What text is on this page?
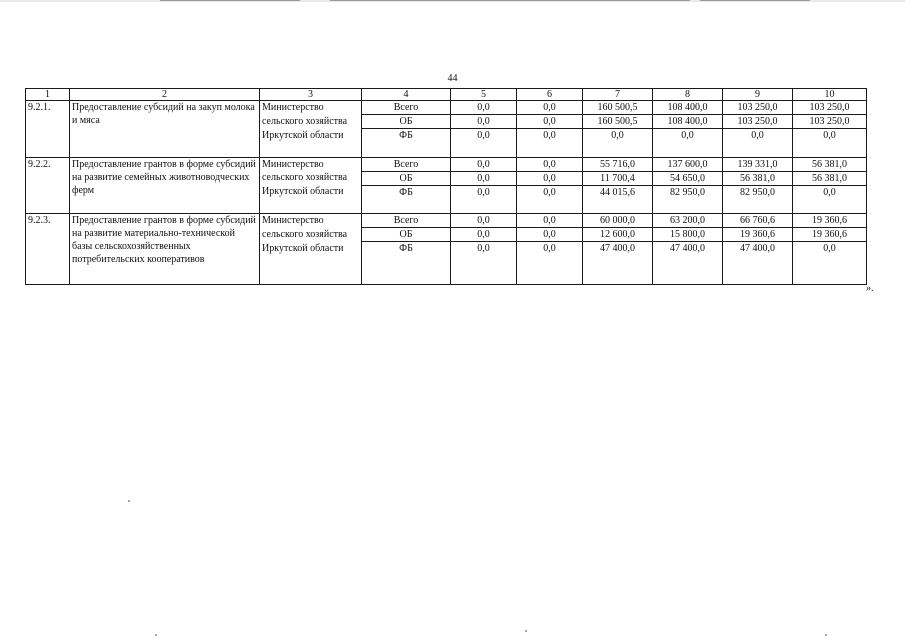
44
1	2	3	4	5	6	7	8	9	10
9.2.1.	Предоставление субсидий на закуп молока и мяса	Министерство	Всего	0,0	0,0	160 500,5	108 400,0	103 250,0	103 250,0
		сельского хозяйства	ОБ	0,0	0,0	160 500,5	108 400,0	103 250,0	103 250,0
		Иркутской области	ФБ	0,0	0,0	0,0	0,0	0,0	0,0
9.2.2.	Предоставление грантов в форме субсидий на развитие семейных животноводческих ферм	Министерство	Всего	0,0	0,0	55 716,0	137 600,0	139 331,0	56 381,0
		сельского хозяйства	ОБ	0,0	0,0	11 700,4	54 650,0	56 381,0	56 381,0
		Иркутской области	ФБ	0,0	0,0	44 015,6	82 950,0	82 950,0	0,0
9.2.3.	Предоставление грантов в форме субсидий на развитие материально-технической базы сельскохозяйственных потребительских кооперативов	Министерство	Всего	0,0	0,0	60 000,0	63 200,0	66 760,6	19 360,6
		сельского хозяйства	ОБ	0,0	0,0	12 600,0	15 800,0	19 360,6	19 360,6
		Иркутской области	ФБ	0,0	0,0	47 400,0	47 400,0	47 400,0	0,0
».
